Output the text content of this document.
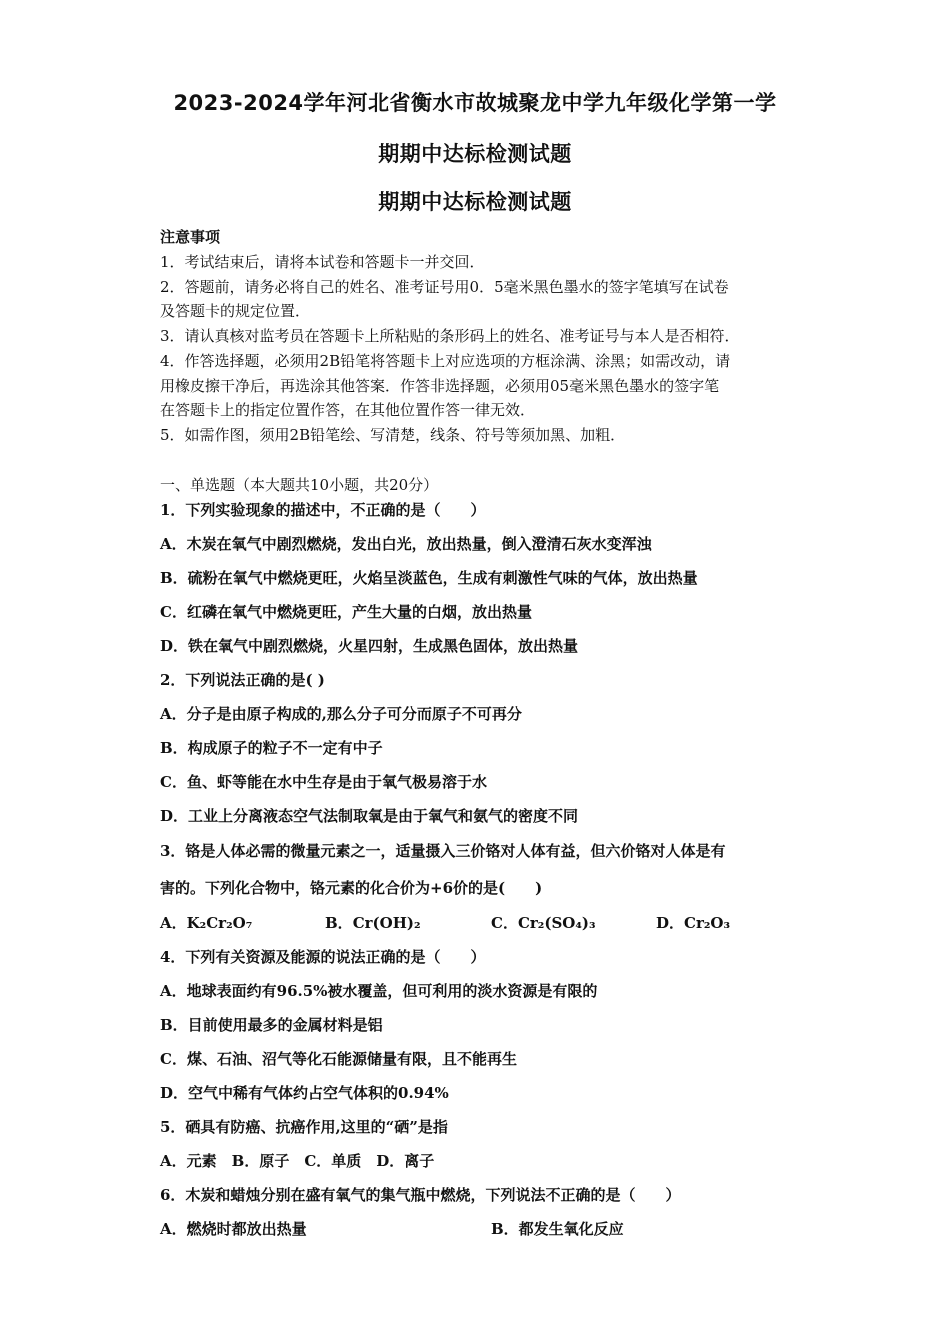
2023-2024学年河北省衡水市故城聚龙中学九年级化学第一学
期期中达标检测试题
期期中达标检测试题
注意事项
1．考试结束后，请将本试卷和答题卡一并交回．
2．答题前，请务必将自己的姓名、准考证号用0．5毫米黑色墨水的签字笔填写在试卷
及答题卡的规定位置．
3．请认真核对监考员在答题卡上所粘贴的条形码上的姓名、准考证号与本人是否相符．
4．作答选择题，必须用2B铅笔将答题卡上对应选项的方框涂满、涂黑；如需改动，请
用橡皮擦干净后，再选涂其他答案．作答非选择题，必须用05毫米黑色墨水的签字笔
在答题卡上的指定位置作答，在其他位置作答一律无效．
5．如需作图，须用2B铅笔绘、写清楚，线条、符号等须加黑、加粗．
一、单选题（本大题共10小题，共20分）
1．下列实验现象的描述中，不正确的是（　　）
A．木炭在氧气中剧烈燃烧，发出白光，放出热量，倒入澄清石灰水变浑浊
B．硫粉在氧气中燃烧更旺，火焰呈淡蓝色，生成有刺激性气味的气体，放出热量
C．红磷在氧气中燃烧更旺，产生大量的白烟，放出热量
D．铁在氧气中剧烈燃烧，火星四射，生成黑色固体，放出热量
2．下列说法正确的是( )
A．分子是由原子构成的,那么分子可分而原子不可再分
B．构成原子的粒子不一定有中子
C．鱼、虾等能在水中生存是由于氧气极易溶于水
D．工业上分离液态空气法制取氧是由于氧气和氨气的密度不同
3．铬是人体必需的微量元素之一，适量摄入三价铬对人体有益，但六价铬对人体是有
害的。下列化合物中，铬元素的化合价为+6价的是(　　)
A．K₂Cr₂O₇	B．Cr(OH)₂	C．Cr₂(SO₄)₃	D．Cr₂O₃
4．下列有关资源及能源的说法正确的是（　　）
A．地球表面约有96.5%被水覆盖，但可利用的淡水资源是有限的
B．目前使用最多的金属材料是铝
C．煤、石油、沼气等化石能源储量有限，且不能再生
D．空气中稀有气体约占空气体积的0.94%
5．硒具有防癌、抗癌作用,这里的“硒”是指
A．元素　B．原子　C．单质　D．离子
6．木炭和蜡烛分别在盛有氧气的集气瓶中燃烧，下列说法不正确的是（　　）
A．燃烧时都放出热量	B．都发生氧化反应
